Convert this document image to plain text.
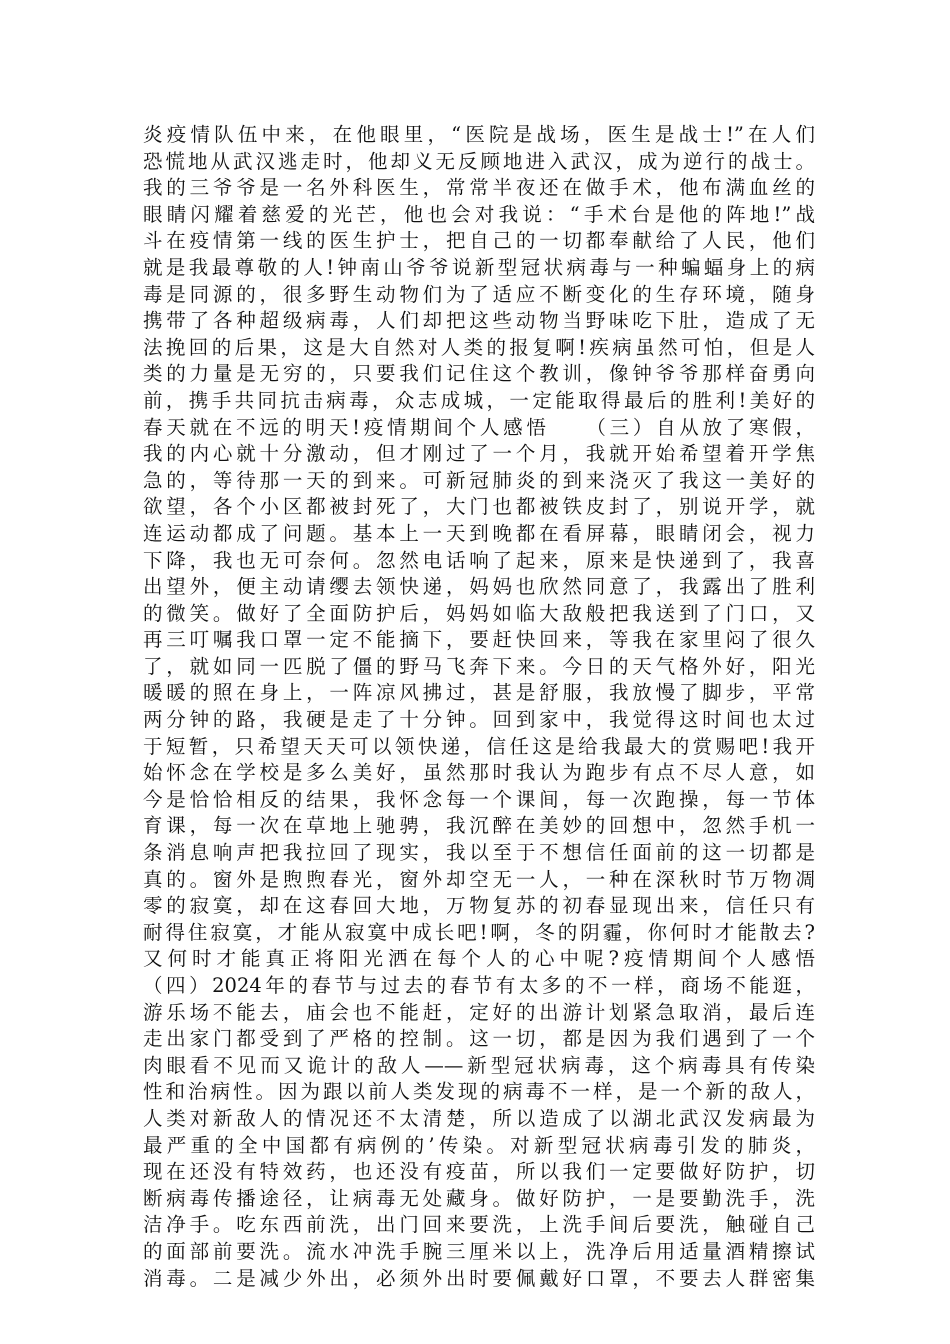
炎疫情队伍中来，在他眼里，“医院是战场，医生是战士!”在人们
恐慌地从武汉逃走时，他却义无反顾地进入武汉，成为逆行的战士。
我的三爷爷是一名外科医生，常常半夜还在做手术，他布满血丝的
眼睛闪耀着慈爱的光芒，他也会对我说：“手术台是他的阵地!”战
斗在疫情第一线的医生护士，把自己的一切都奉献给了人民，他们
就是我最尊敬的人!钟南山爷爷说新型冠状病毒与一种蝙蝠身上的病
毒是同源的，很多野生动物们为了适应不断变化的生存环境，随身
携带了各种超级病毒，人们却把这些动物当野味吃下肚，造成了无
法挽回的后果，这是大自然对人类的报复啊!疾病虽然可怕，但是人
类的力量是无穷的，只要我们记住这个教训，像钟爷爷那样奋勇向
前，携手共同抗击病毒，众志成城，一定能取得最后的胜利!美好的
春天就在不远的明天!疫情期间个人感悟　　（三）自从放了寒假，
我的内心就十分激动，但才刚过了一个月，我就开始希望着开学焦
急的，等待那一天的到来。可新冠肺炎的到来浇灭了我这一美好的
欲望，各个小区都被封死了，大门也都被铁皮封了，别说开学，就
连运动都成了问题。基本上一天到晚都在看屏幕，眼睛闭会，视力
下降，我也无可奈何。忽然电话响了起来，原来是快递到了，我喜
出望外，便主动请缨去领快递，妈妈也欣然同意了，我露出了胜利
的微笑。做好了全面防护后，妈妈如临大敌般把我送到了门口，又
再三叮嘱我口罩一定不能摘下，要赶快回来，等我在家里闷了很久
了，就如同一匹脱了僵的野马飞奔下来。今日的天气格外好，阳光
暖暖的照在身上，一阵凉风拂过，甚是舒服，我放慢了脚步，平常
两分钟的路，我硬是走了十分钟。回到家中，我觉得这时间也太过
于短暂，只希望天天可以领快递，信任这是给我最大的赏赐吧!我开
始怀念在学校是多么美好，虽然那时我认为跑步有点不尽人意，如
今是恰恰相反的结果，我怀念每一个课间，每一次跑操，每一节体
育课，每一次在草地上驰骋，我沉醉在美妙的回想中，忽然手机一
条消息响声把我拉回了现实，我以至于不想信任面前的这一切都是
真的。窗外是煦煦春光，窗外却空无一人，一种在深秋时节万物凋
零的寂寞，却在这春回大地，万物复苏的初春显现出来，信任只有
耐得住寂寞，才能从寂寞中成长吧!啊，冬的阴霾，你何时才能散去?
又何时才能真正将阳光洒在每个人的心中呢?疫情期间个人感悟
（四）2024年的春节与过去的春节有太多的不一样，商场不能逛，
游乐场不能去，庙会也不能赶，定好的出游计划紧急取消，最后连
走出家门都受到了严格的控制。这一切，都是因为我们遇到了一个
肉眼看不见而又诡计的敌人——新型冠状病毒，这个病毒具有传染
性和治病性。因为跟以前人类发现的病毒不一样，是一个新的敌人，
人类对新敌人的情况还不太清楚，所以造成了以湖北武汉发病最为
最严重的全中国都有病例的’传染。对新型冠状病毒引发的肺炎，
现在还没有特效药，也还没有疫苗，所以我们一定要做好防护，切
断病毒传播途径，让病毒无处藏身。做好防护，一是要勤洗手，洗
洁净手。吃东西前洗，出门回来要洗，上洗手间后要洗，触碰自己
的面部前要洗。流水冲洗手腕三厘米以上，洗净后用适量酒精擦试
消毒。二是减少外出，必须外出时要佩戴好口罩，不要去人群密集
